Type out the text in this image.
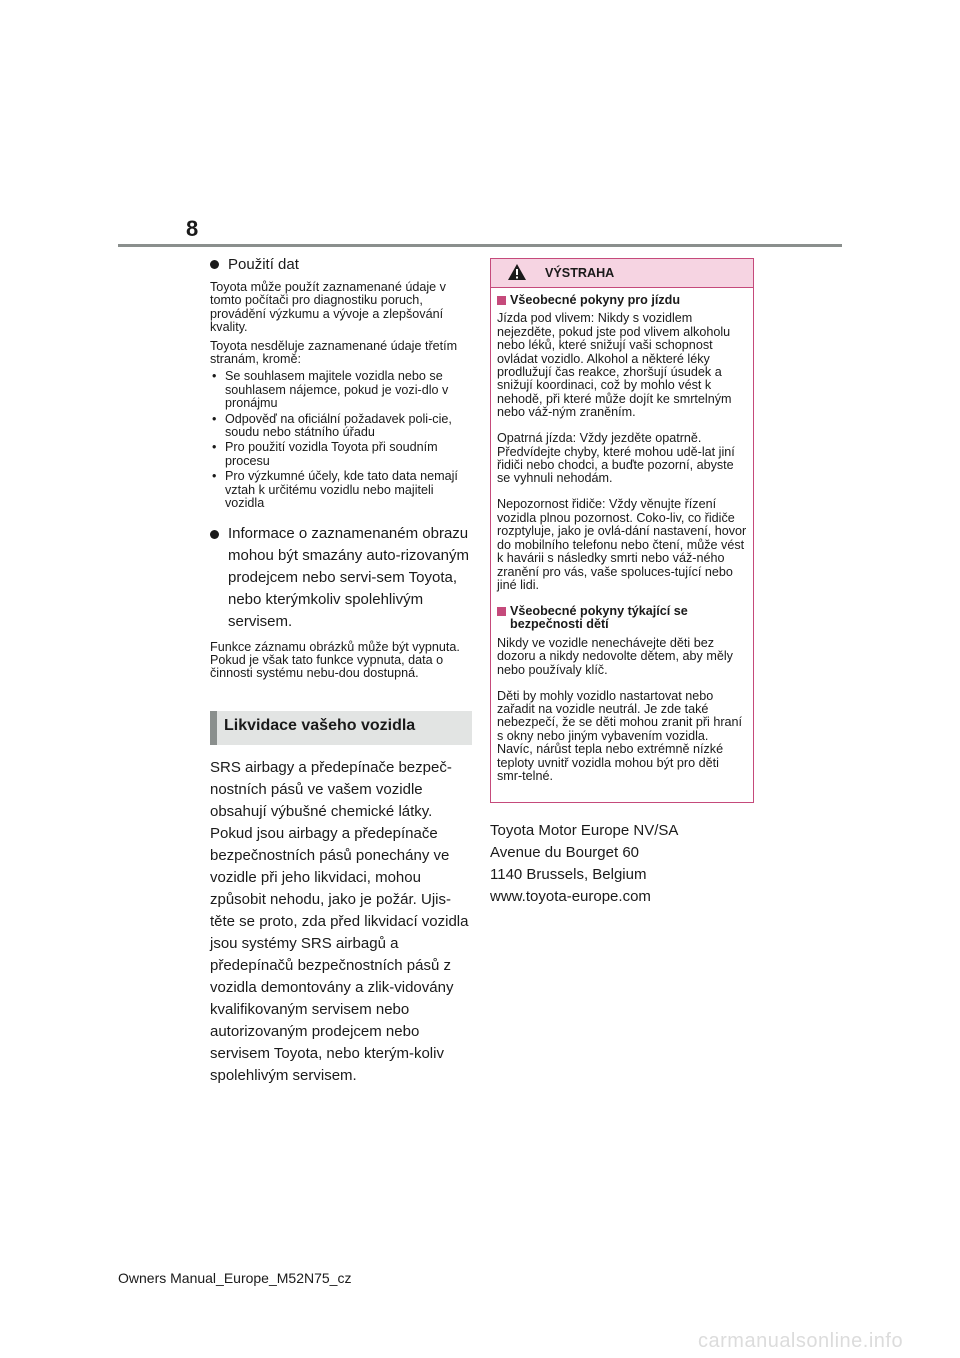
8

Použití dat

Toyota může použít zaznamenané údaje v tomto počítači pro diagnostiku poruch, provádění výzkumu a vývoje a zlepšování kvality.

Toyota nesděluje zaznamenané údaje třetím stranám, kromě:

• Se souhlasem majitele vozidla nebo se souhlasem nájemce, pokud je vozi-dlo v pronájmu
• Odpověď na oficiální požadavek poli-cie, soudu nebo státního úřadu
• Pro použití vozidla Toyota při soudním procesu
• Pro výzkumné účely, kde tato data nemají vztah k určitému vozidlu nebo majiteli vozidla

Informace o zaznamenaném obrazu mohou být smazány auto-rizovaným prodejcem nebo servi-sem Toyota, nebo kterýmkoliv spolehlivým servisem.

Funkce záznamu obrázků může být vypnuta. Pokud je však tato funkce vypnuta, data o činnosti systému nebu-dou dostupná.

Likvidace vašeho vozidla

SRS airbagy a předepínače bezpeč-nostních pásů ve vašem vozidle obsahují výbušné chemické látky. Pokud jsou airbagy a předepínače bezpečnostních pásů ponechány ve vozidle při jeho likvidaci, mohou způsobit nehodu, jako je požár. Ujis-těte se proto, zda před likvidací vozidla jsou systémy SRS airbagů a předepínačů bezpečnostních pásů z vozidla demontovány a zlik-vidovány kvalifikovaným servisem nebo autorizovaným prodejcem nebo servisem Toyota, nebo kterým-koliv spolehlivým servisem.

VÝSTRAHA
Všeobecné pokyny pro jízdu

Jízda pod vlivem: Nikdy s vozidlem nejezděte, pokud jste pod vlivem alkoholu nebo léků, které snižují vaši schopnost ovládat vozidlo. Alkohol a některé léky prodlužují čas reakce, zhoršují úsudek a snižují koordinaci, což by mohlo vést k nehodě, při které může dojít ke smrtelným nebo váž-ným zraněním.

Opatrná jízda: Vždy jezděte opatrně. Předvídejte chyby, které mohou udě-lat jiní řidiči nebo chodci, a buďte pozorní, abyste se vyhnuli nehodám.

Nepozornost řidiče: Vždy věnujte řízení vozidla plnou pozornost. Coko-liv, co řidiče rozptyluje, jako je ovlá-dání nastavení, hovor do mobilního telefonu nebo čtení, může vést k havárii s následky smrti nebo váž-ného zranění pro vás, vaše spoluces-tující nebo jiné lidi.

Všeobecné pokyny týkající se bezpečnosti dětí

Nikdy ve vozidle nenechávejte děti bez dozoru a nikdy nedovolte dětem, aby měly nebo používaly klíč.

Děti by mohly vozidlo nastartovat nebo zařadit na vozidle neutrál. Je zde také nebezpečí, že se děti mohou zranit při hraní s okny nebo jiným vybavením vozidla. Navíc, nárůst tepla nebo extrémně nízké teploty uvnitř vozidla mohou být pro děti smr-telné.

Toyota Motor Europe NV/SA
Avenue du Bourget 60
1140 Brussels, Belgium
www.toyota-europe.com
Owners Manual_Europe_M52N75_cz
carmanualsonline.info
